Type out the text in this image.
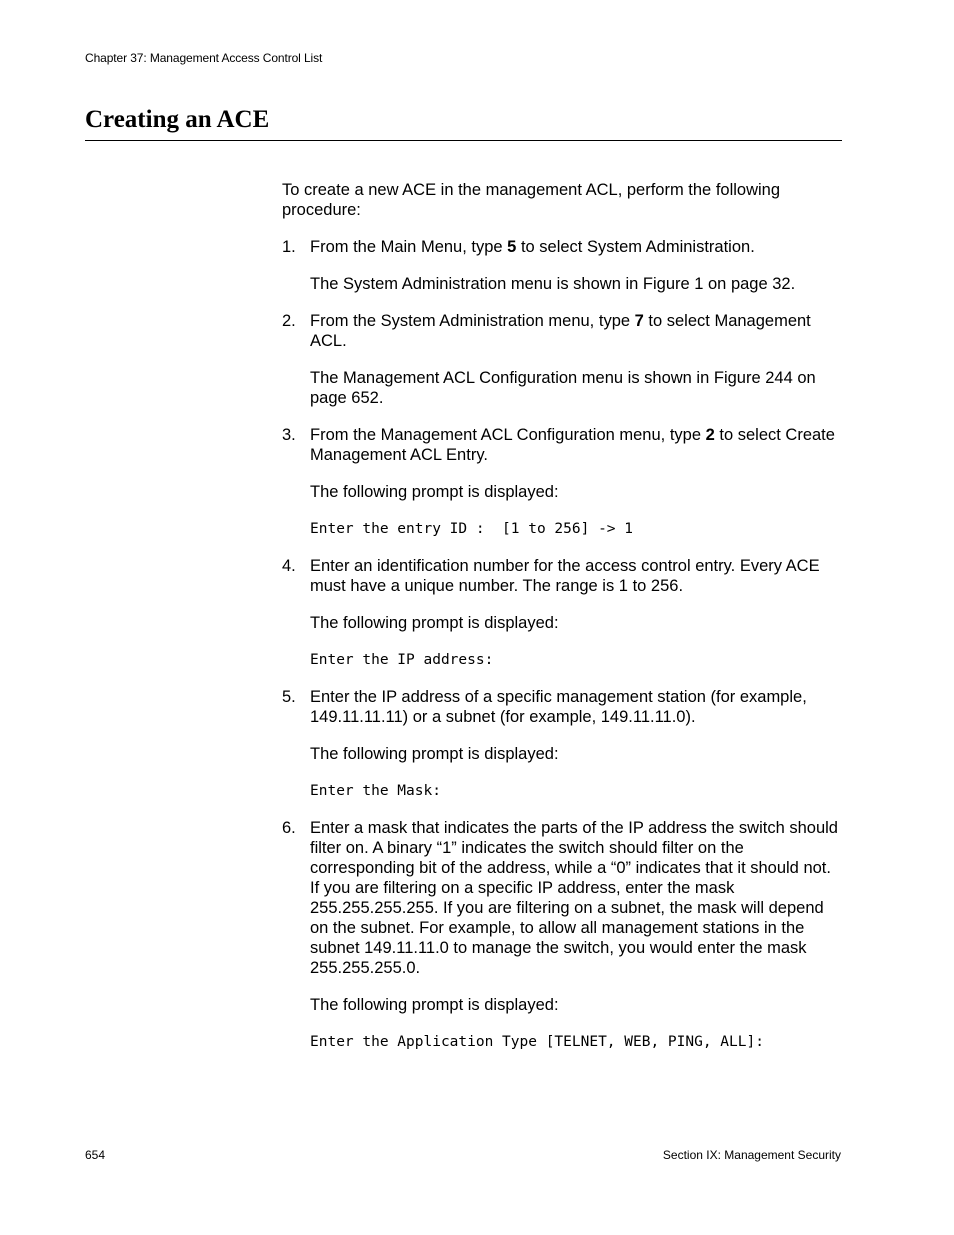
Chapter 37: Management Access Control List
Creating an ACE

To create a new ACE in the management ACL, perform the following procedure:

1. From the Main Menu, type 5 to select System Administration.

The System Administration menu is shown in Figure 1 on page 32.

2. From the System Administration menu, type 7 to select Management ACL.

The Management ACL Configuration menu is shown in Figure 244 on page 652.

3. From the Management ACL Configuration menu, type 2 to select Create Management ACL Entry.

The following prompt is displayed:

Enter the entry ID :  [1 to 256] -> 1
4. Enter an identification number for the access control entry. Every ACE must have a unique number. The range is 1 to 256.

The following prompt is displayed:

Enter the IP address:
5. Enter the IP address of a specific management station (for example, 149.11.11.11) or a subnet (for example, 149.11.11.0).

The following prompt is displayed:

Enter the Mask:
6. Enter a mask that indicates the parts of the IP address the switch should filter on. A binary “1” indicates the switch should filter on the corresponding bit of the address, while a “0” indicates that it should not. If you are filtering on a specific IP address, enter the mask 255.255.255.255. If you are filtering on a subnet, the mask will depend on the subnet. For example, to allow all management stations in the subnet 149.11.11.0 to manage the switch, you would enter the mask 255.255.255.0.

The following prompt is displayed:

Enter the Application Type [TELNET, WEB, PING, ALL]:
654	Section IX: Management Security
